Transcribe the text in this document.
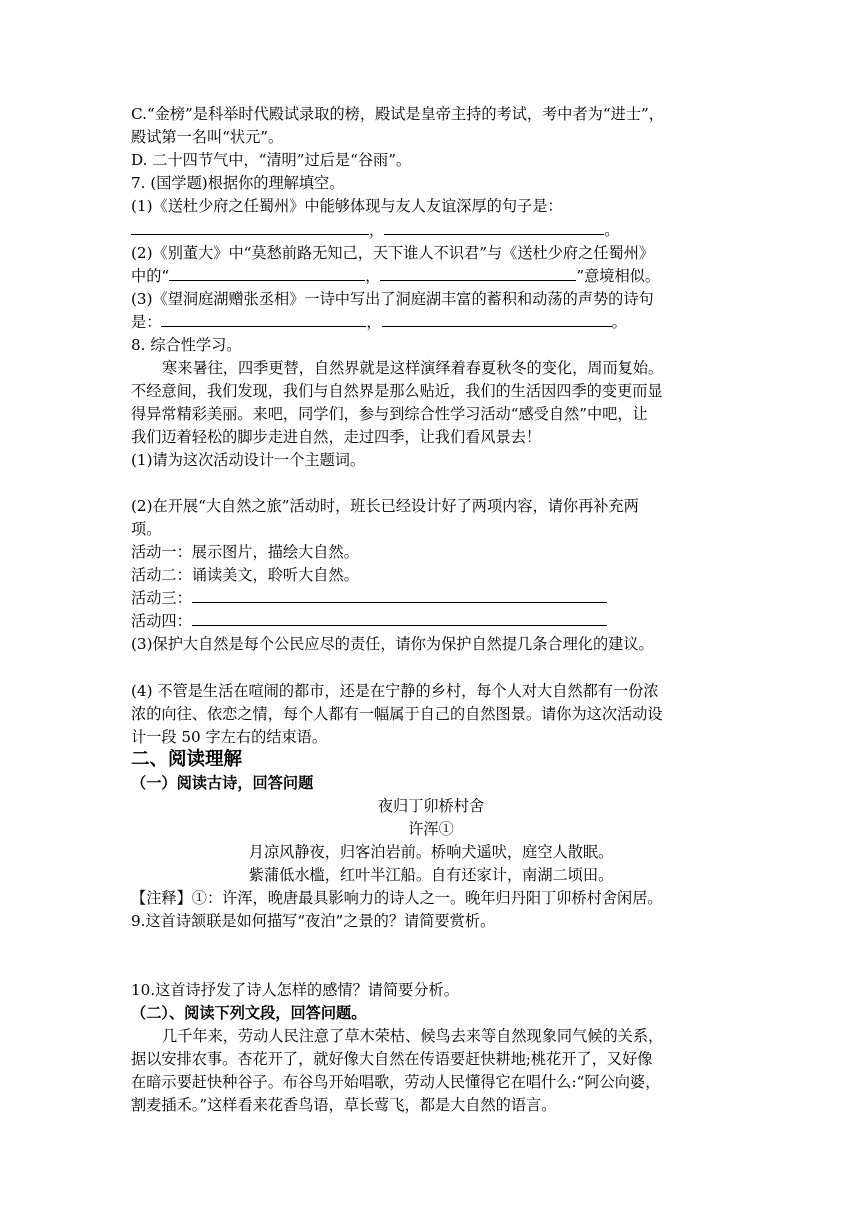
C.“金榜”是科举时代殿试录取的榜，殿试是皇帝主持的考试，考中者为“进士”，
殿试第一名叫“状元”。
D. 二十四节气中，“清明”过后是“谷雨”。
7. (国学题)根据你的理解填空。
(1)《送杜少府之任蜀州》中能够体现与友人友谊深厚的句子是：
，	。
(2)《别董大》中“莫愁前路无知己，天下谁人不识君”与《送杜少府之任蜀州》
中的“	，	”意境相似。
(3)《望洞庭湖赠张丞相》一诗中写出了洞庭湖丰富的蓄积和动荡的声势的诗句
是：	，	。
8. 综合性学习。
寒来暑往，四季更替，自然界就是这样演绎着春夏秋冬的变化，周而复始。
不经意间，我们发现，我们与自然界是那么贴近，我们的生活因四季的变更而显
得异常精彩美丽。来吧，同学们，参与到综合性学习活动“感受自然”中吧，让
我们迈着轻松的脚步走进自然，走过四季，让我们看风景去！
(1)请为这次活动设计一个主题词。
(2)在开展“大自然之旅”活动时，班长已经设计好了两项内容，请你再补充两
项。
活动一：展示图片，描绘大自然。
活动二：诵读美文，聆听大自然。
活动三：
活动四：
(3)保护大自然是每个公民应尽的责任，请你为保护自然提几条合理化的建议。
(4) 不管是生活在喧闹的都市，还是在宁静的乡村，每个人对大自然都有一份浓
浓的向往、依恋之情，每个人都有一幅属于自己的自然图景。请你为这次活动设
计一段 50 字左右的结束语。
二、阅读理解
（一）阅读古诗，回答问题
夜归丁卯桥村舍
许浑①
月凉风静夜，归客泊岩前。桥响犬遥吠，庭空人散眠。
紫蒲低水槛，红叶半江船。自有还家计，南湖二顷田。
【注释】①：许浑，晚唐最具影响力的诗人之一。晚年归丹阳丁卯桥村舍闲居。
9.这首诗颔联是如何描写“夜泊”之景的？请简要赏析。
10.这首诗抒发了诗人怎样的感情？请简要分析。
（二）、阅读下列文段，回答问题。
几千年来，劳动人民注意了草木荣枯、候鸟去来等自然现象同气候的关系，
据以安排农事。杏花开了，就好像大自然在传语要赶快耕地;桃花开了，又好像
在暗示要赶快种谷子。布谷鸟开始唱歌，劳动人民懂得它在唱什么:“阿公向婆，
割麦插禾。”这样看来花香鸟语，草长莺飞，都是大自然的语言。
